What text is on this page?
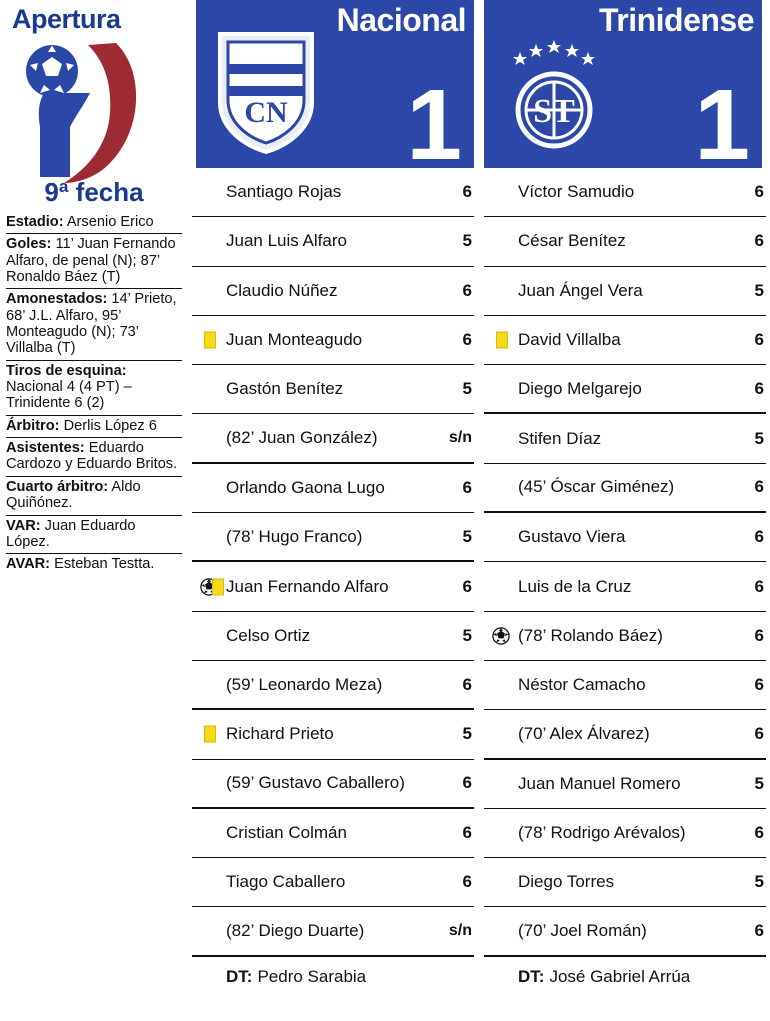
Apertura
9ª fecha
Estadio: Arsenio Erico
Goles: 11’ Juan Fernando Alfaro, de penal (N); 87’ Ronaldo Báez (T)
Amonestados: 14’ Prieto, 68’ J.L. Alfaro, 95’ Monteagudo (N); 73’ Villalba (T)
Tiros de esquina: Nacional 4 (4 PT) – Trinidente 6 (2)
Árbitro: Derlis López 6
Asistentes: Eduardo Cardozo y Eduardo Britos.
Cuarto árbitro: Aldo Quiñónez.
VAR: Juan Eduardo López.
AVAR: Esteban Testta.
Nacional
1
CN
Trinidense
1
ST
Santiago Rojas	6
Juan Luis Alfaro	5
Claudio Núñez	6
Juan Monteagudo	6
Gastón Benítez	5
(82’ Juan González)	s/n
Orlando Gaona Lugo	6
(78’ Hugo Franco)	5
Juan Fernando Alfaro	6
Celso Ortiz	5
(59’ Leonardo Meza)	6
Richard Prieto	5
(59’ Gustavo Caballero)	6
Cristian Colmán	6
Tiago Caballero	6
(82’ Diego Duarte)	s/n
DT: Pedro Sarabia
Víctor Samudio	6
César Benítez	6
Juan Ángel Vera	5
David Villalba	6
Diego Melgarejo	6
Stifen Díaz	5
(45’ Óscar Giménez)	6
Gustavo Viera	6
Luis de la Cruz	6
(78’ Rolando Báez)	6
Néstor Camacho	6
(70’ Alex Álvarez)	6
Juan Manuel Romero	5
(78’ Rodrigo Arévalos)	6
Diego Torres	5
(70’ Joel Román)	6
DT: José Gabriel Arrúa
